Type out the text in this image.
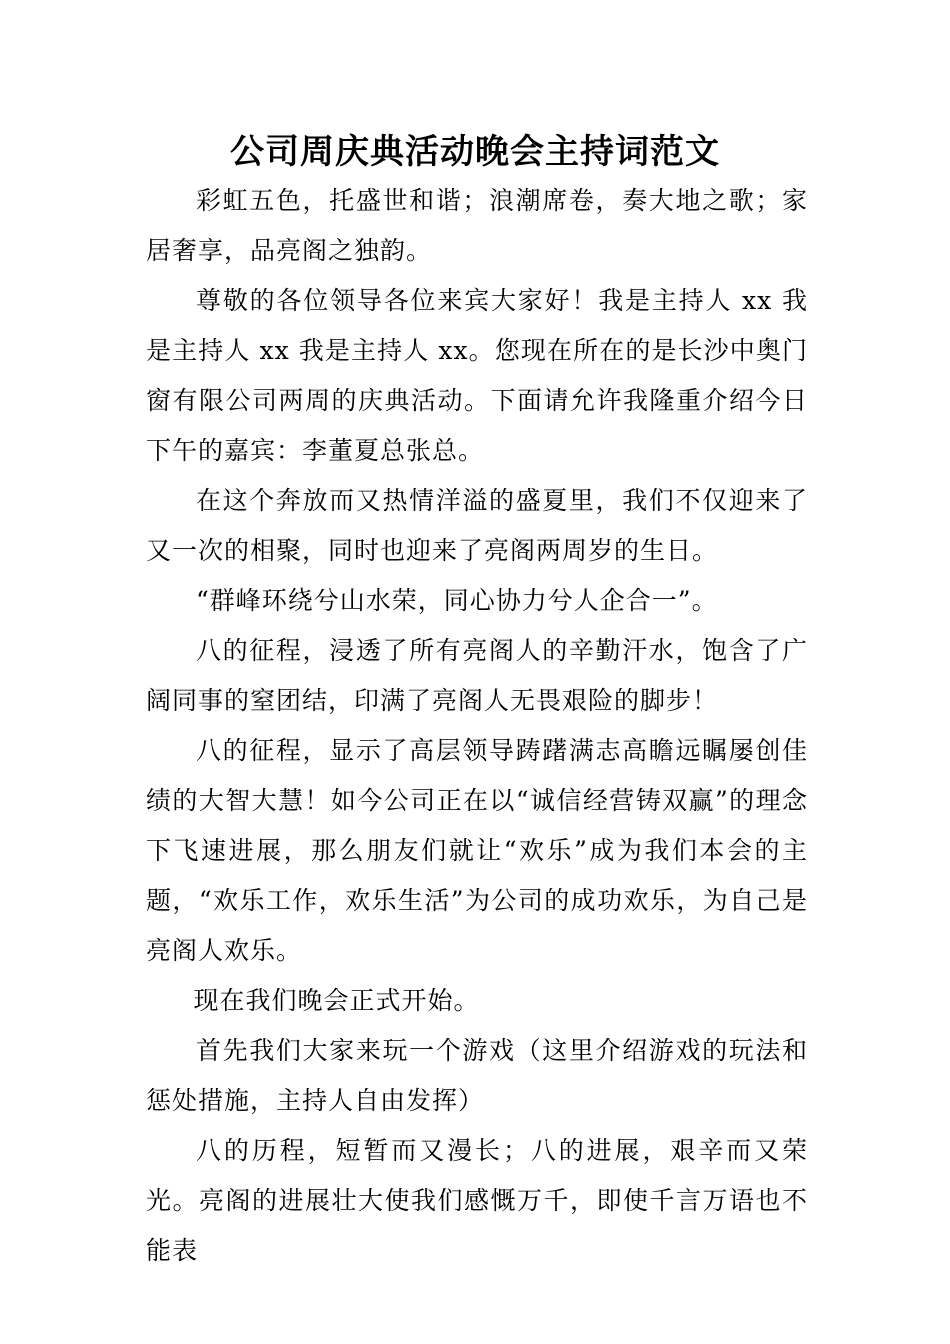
公司周庆典活动晚会主持词范文

彩虹五色，托盛世和谐；浪潮席卷，奏大地之歌；家居奢享，品亮阁之独韵。

尊敬的各位领导各位来宾大家好！我是主持人 xx 我是主持人 xx 我是主持人 xx。您现在所在的是长沙中奥门窗有限公司两周的庆典活动。下面请允许我隆重介绍今日下午的嘉宾：李董夏总张总。

在这个奔放而又热情洋溢的盛夏里，我们不仅迎来了又一次的相聚，同时也迎来了亮阁两周岁的生日。

“群峰环绕兮山水荣，同心协力兮人企合一”。

八的征程，浸透了所有亮阁人的辛勤汗水，饱含了广阔同事的窒团结，印满了亮阁人无畏艰险的脚步！

八的征程，显示了高层领导踌躇满志高瞻远瞩屡创佳绩的大智大慧！如今公司正在以“诚信经营铸双赢”的理念下飞速进展，那么朋友们就让“欢乐”成为我们本会的主题，“欢乐工作，欢乐生活”为公司的成功欢乐，为自己是亮阁人欢乐。

现在我们晚会正式开始。

首先我们大家来玩一个游戏（这里介绍游戏的玩法和惩处措施，主持人自由发挥）

八的历程，短暂而又漫长；八的进展，艰辛而又荣光。亮阁的进展壮大使我们感慨万千，即使千言万语也不能表
